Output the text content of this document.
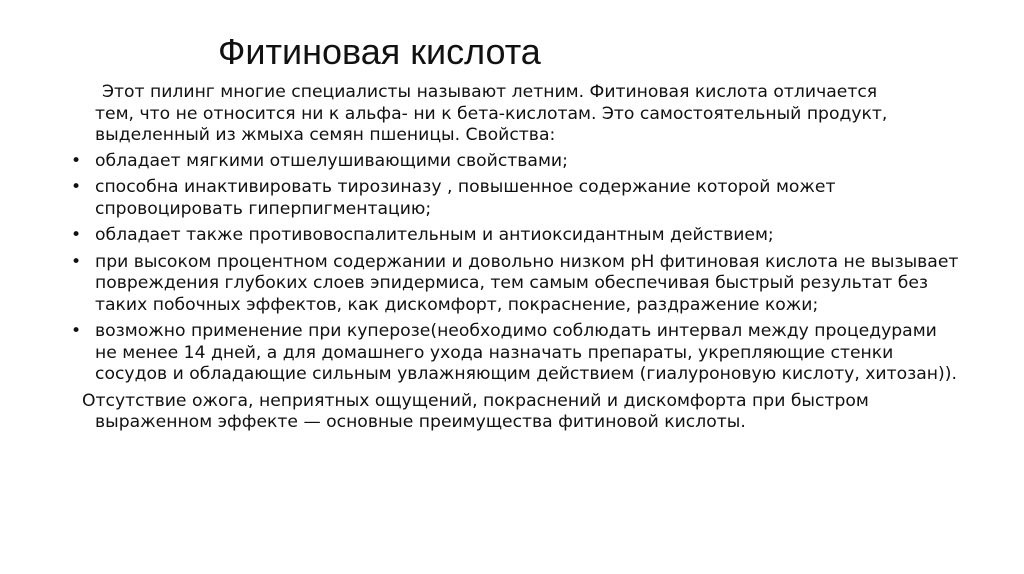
Фитиновая кислота

Этот пилинг многие специалисты называют летним. Фитиновая кислота отличается
тем, что не относится ни к альфа- ни к бета-кислотам. Это самостоятельный продукт, выделенный из жмыха семян пшеницы. Свойства:

• обладает мягкими отшелушивающими свойствами;
• способна инактивировать тирозиназу , повышенное содержание которой может спровоцировать гиперпигментацию;
• обладает также противовоспалительным и антиоксидантным действием;
• при высоком процентном содержании и довольно низком pH фитиновая кислота не вызывает повреждения глубоких слоев эпидермиса, тем самым обеспечивая быстрый результат без таких побочных эффектов, как дискомфорт, покраснение, раздражение кожи;
• возможно применение при куперозе(необходимо соблюдать интервал между процедурами не менее 14 дней, а для домашнего ухода назначать препараты, укрепляющие стенки сосудов и обладающие сильным увлажняющим действием (гиалуроновую кислоту, хитозан)).

Отсутствие ожога, неприятных ощущений, покраснений и дискомфорта при быстром
выраженном эффекте — основные преимущества фитиновой кислоты.
